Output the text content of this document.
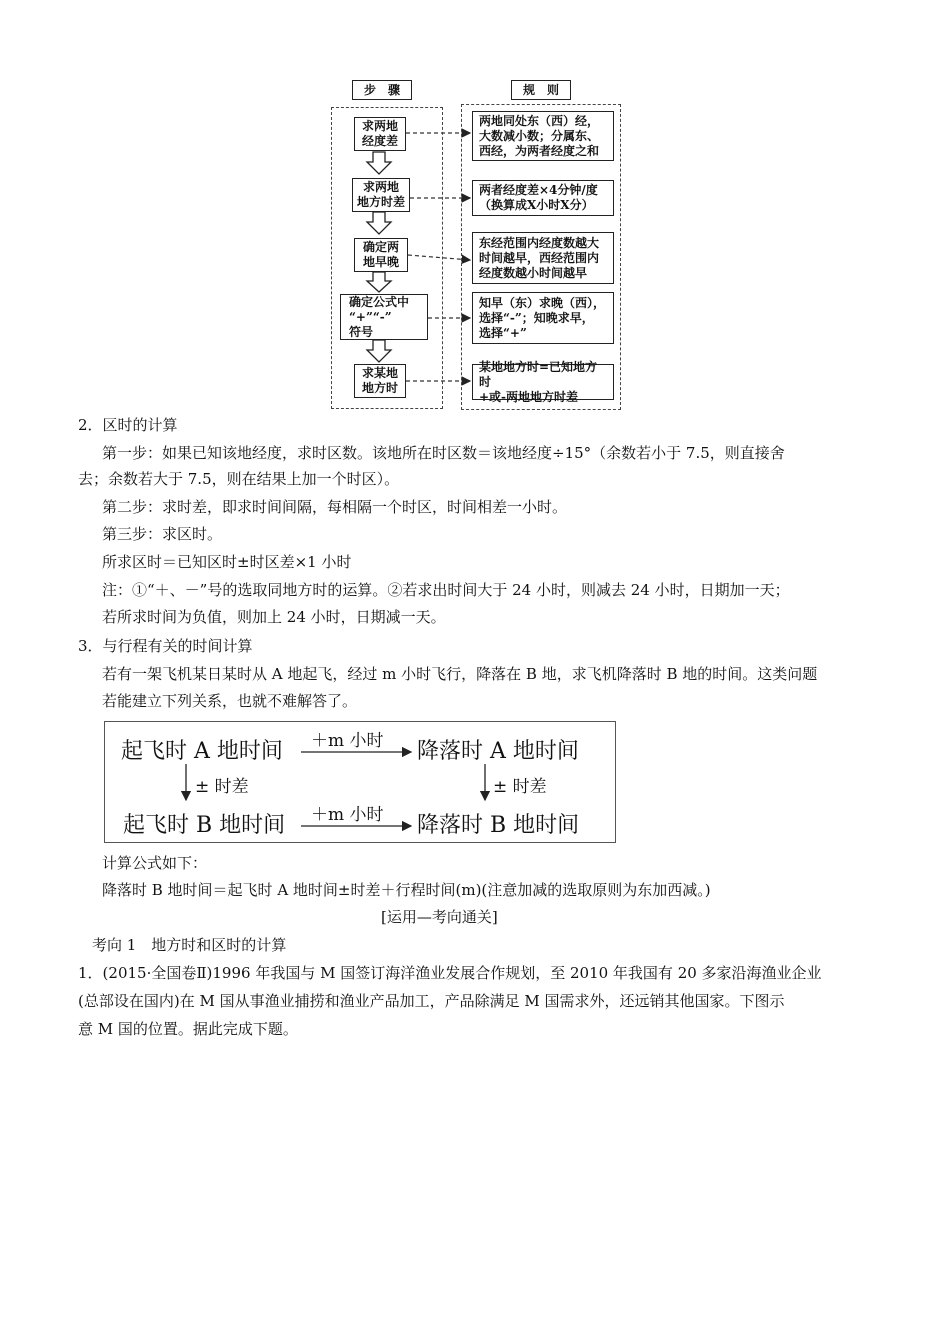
步　骤	规　则
求两地
经度差
求两地
地方时差
确定两
地早晚
确定公式中
“+”“-”
符号
求某地
地方时
两地同处东（西）经，
大数减小数；分属东、
西经，为两者经度之和
两者经度差×4分钟/度
（换算成X小时X分）
东经范围内经度数越大
时间越早，西经范围内
经度数越小时间越早
知早（东）求晚（西），
选择“-”；知晚求早，
选择“+”
某地地方时=已知地方时
+或-两地地方时差
2．区时的计算
第一步：如果已知该地经度，求时区数。该地所在时区数＝该地经度÷15°（余数若小于 7.5，则直接舍
去；余数若大于 7.5，则在结果上加一个时区）。
第二步：求时差，即求时间间隔，每相隔一个时区，时间相差一小时。
第三步：求区时。
所求区时＝已知区时±时区差×1 小时
注：①“＋、－”号的选取同地方时的运算。②若求出时间大于 24 小时，则减去 24 小时，日期加一天；
若所求时间为负值，则加上 24 小时，日期减一天。
3．与行程有关的时间计算
若有一架飞机某日某时从 A 地起飞，经过 m 小时飞行，降落在 B 地，求飞机降落时 B 地的时间。这类问题
若能建立下列关系，也就不难解答了。
起飞时 A 地时间	降落时 A 地时间
起飞时 B 地时间	降落时 B 地时间
＋m 小时
＋m 小时
± 时差	± 时差
计算公式如下：
降落时 B 地时间＝起飞时 A 地时间±时差＋行程时间(m)(注意加减的选取原则为东加西减。)
[运用—考向通关]
考向 1　地方时和区时的计算
1．(2015·全国卷Ⅱ)1996 年我国与 M 国签订海洋渔业发展合作规划，至 2010 年我国有 20 多家沿海渔业企业
(总部设在国内)在 M 国从事渔业捕捞和渔业产品加工，产品除满足 M 国需求外，还远销其他国家。下图示
意 M 国的位置。据此完成下题。
